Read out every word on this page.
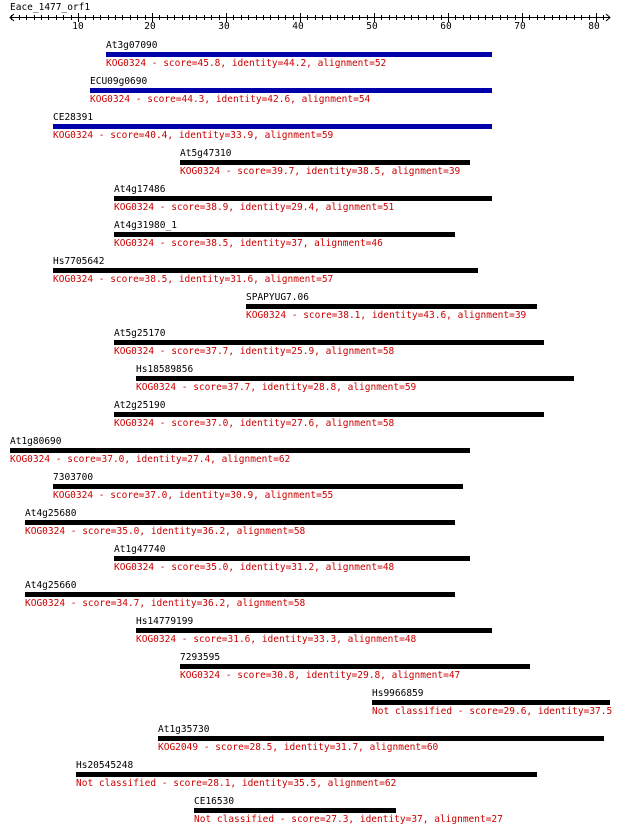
Eace_1477_orf1
10	20	30	40	50	60	70	80
At3g07090
KOG0324 - score=45.8, identity=44.2, alignment=52
ECU09g0690
KOG0324 - score=44.3, identity=42.6, alignment=54
CE28391
KOG0324 - score=40.4, identity=33.9, alignment=59
At5g47310
KOG0324 - score=39.7, identity=38.5, alignment=39
At4g17486
KOG0324 - score=38.9, identity=29.4, alignment=51
At4g31980_1
KOG0324 - score=38.5, identity=37, alignment=46
Hs7705642
KOG0324 - score=38.5, identity=31.6, alignment=57
SPAPYUG7.06
KOG0324 - score=38.1, identity=43.6, alignment=39
At5g25170
KOG0324 - score=37.7, identity=25.9, alignment=58
Hs18589856
KOG0324 - score=37.7, identity=28.8, alignment=59
At2g25190
KOG0324 - score=37.0, identity=27.6, alignment=58
At1g80690
KOG0324 - score=37.0, identity=27.4, alignment=62
7303700
KOG0324 - score=37.0, identity=30.9, alignment=55
At4g25680
KOG0324 - score=35.0, identity=36.2, alignment=58
At1g47740
KOG0324 - score=35.0, identity=31.2, alignment=48
At4g25660
KOG0324 - score=34.7, identity=36.2, alignment=58
Hs14779199
KOG0324 - score=31.6, identity=33.3, alignment=48
7293595
KOG0324 - score=30.8, identity=29.8, alignment=47
Hs9966859
Not classified - score=29.6, identity=37.5
At1g35730
KOG2049 - score=28.5, identity=31.7, alignment=60
Hs20545248
Not classified - score=28.1, identity=35.5, alignment=62
CE16530
Not classified - score=27.3, identity=37, alignment=27
